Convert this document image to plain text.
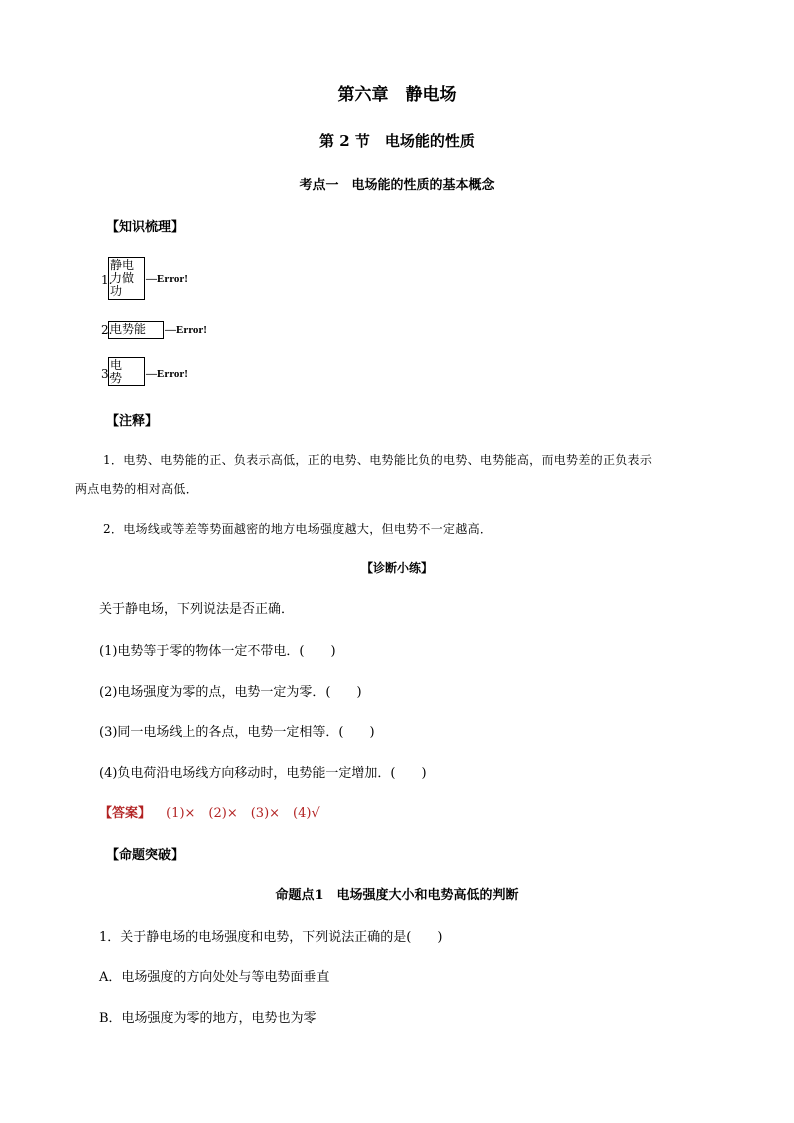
第六章　静电场
第 2 节　电场能的性质
考点一　电场能的性质的基本概念
【知识梳理】
1.
静电力做功
—Error!
2.
电势能	—Error!
3.
电势	—Error!
【注释】
1．电势、电势能的正、负表示高低，正的电势、电势能比负的电势、电势能高，而电势差的正负表示
两点电势的相对高低．
2．电场线或等差等势面越密的地方电场强度越大，但电势不一定越高．
【诊断小练】
关于静电场，下列说法是否正确．
(1)电势等于零的物体一定不带电．(　　)
(2)电场强度为零的点，电势一定为零．(　　)
(3)同一电场线上的各点，电势一定相等．(　　)
(4)负电荷沿电场线方向移动时，电势能一定增加．(　　)
【答案】 (1)×　(2)×　(3)×　(4)√
【命题突破】
命题点1　电场强度大小和电势高低的判断
1．关于静电场的电场强度和电势，下列说法正确的是(　　)
A．电场强度的方向处处与等电势面垂直
B．电场强度为零的地方，电势也为零
